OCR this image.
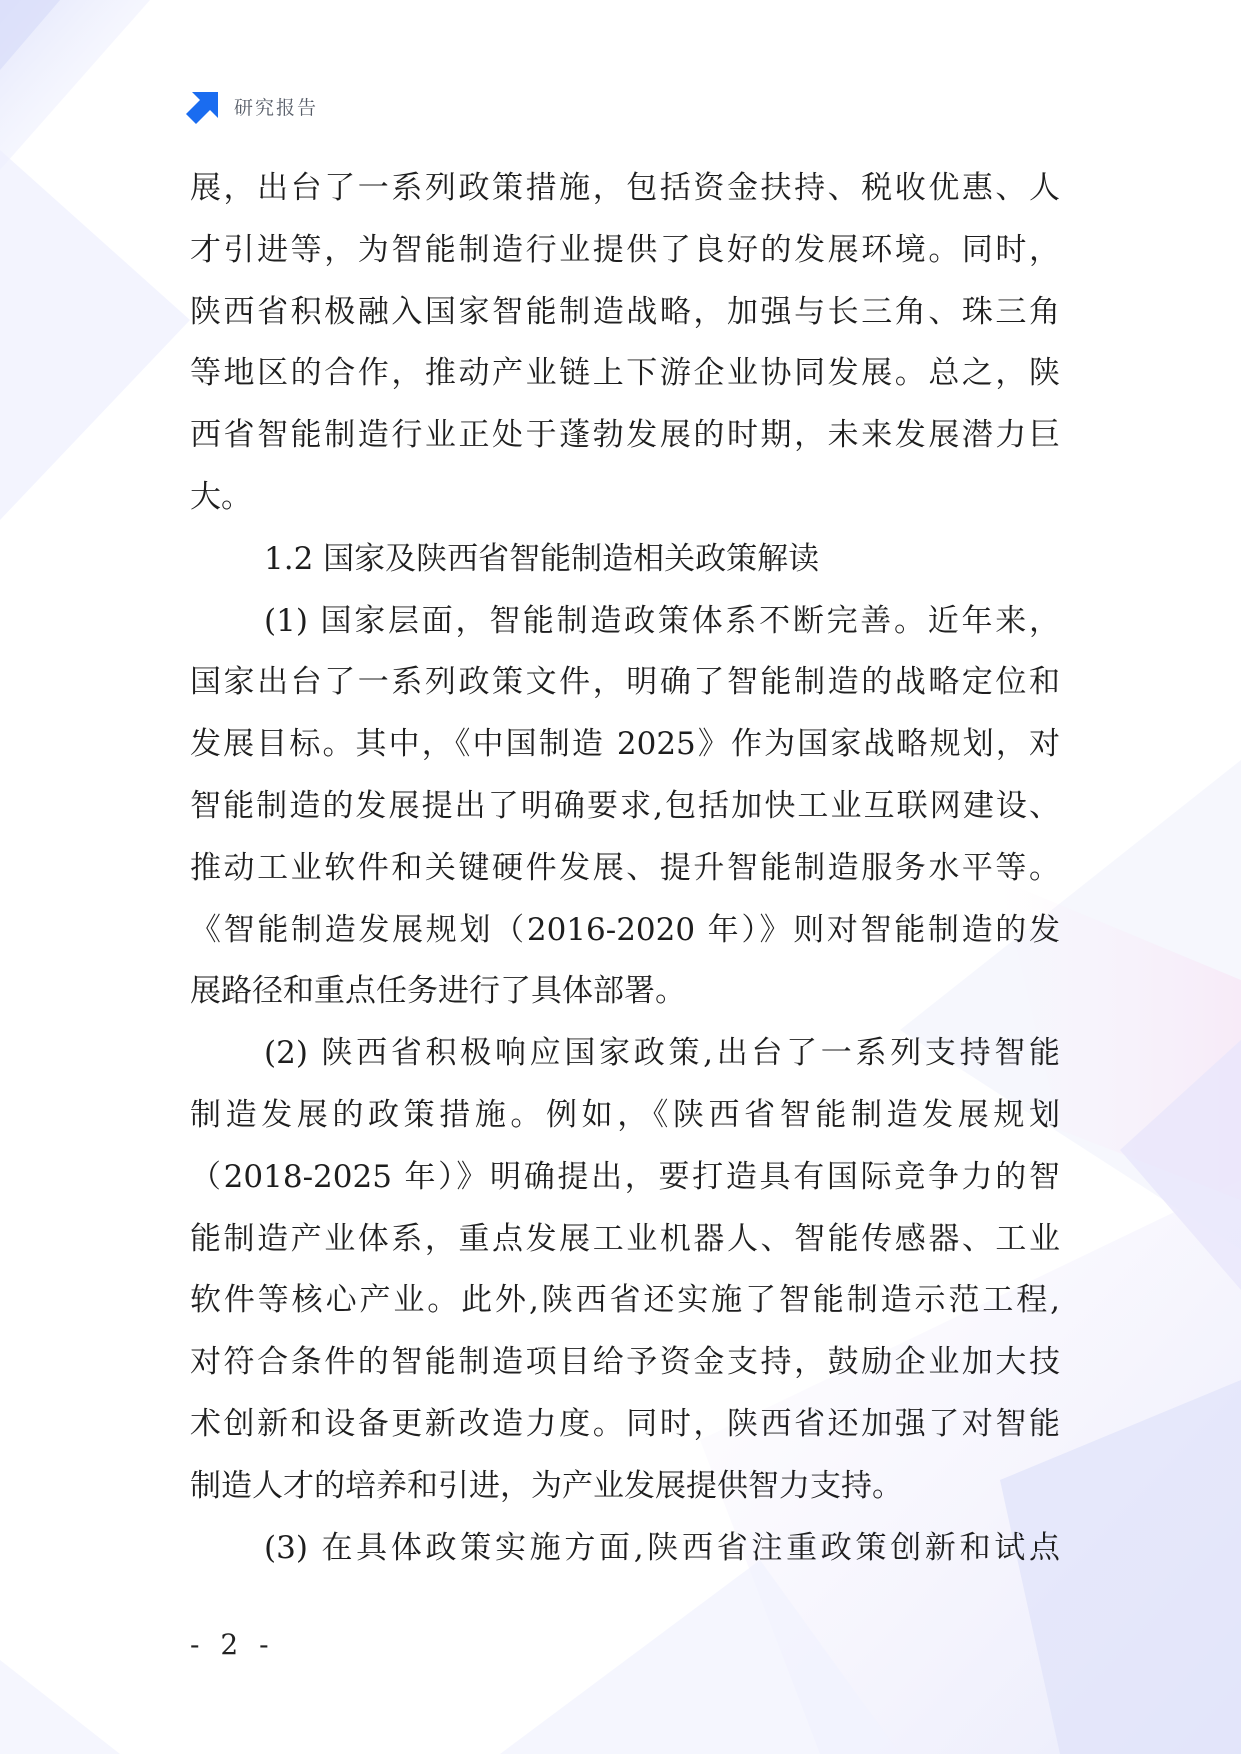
研究报告
展，出台了一系列政策措施，包括资金扶持、税收优惠、人
才引进等，为智能制造行业提供了良好的发展环境。同时，
陕西省积极融入国家智能制造战略，加强与长三角、珠三角
等地区的合作，推动产业链上下游企业协同发展。总之，陕
西省智能制造行业正处于蓬勃发展的时期，未来发展潜力巨
大。
1.2 国家及陕西省智能制造相关政策解读
(1) 国家层面，智能制造政策体系不断完善。近年来，
国家出台了一系列政策文件，明确了智能制造的战略定位和
发展目标。其中，《中国制造 2025》作为国家战略规划，对
智能制造的发展提出了明确要求,包括加快工业互联网建设、
推动工业软件和关键硬件发展、提升智能制造服务水平等。
《智能制造发展规划（2016-2020 年）》则对智能制造的发
展路径和重点任务进行了具体部署。
(2) 陕西省积极响应国家政策,出台了一系列支持智能
制造发展的政策措施。例如，《陕西省智能制造发展规划
（2018-2025 年）》明确提出，要打造具有国际竞争力的智
能制造产业体系，重点发展工业机器人、智能传感器、工业
软件等核心产业。此外,陕西省还实施了智能制造示范工程,
对符合条件的智能制造项目给予资金支持，鼓励企业加大技
术创新和设备更新改造力度。同时，陕西省还加强了对智能
制造人才的培养和引进，为产业发展提供智力支持。
(3) 在具体政策实施方面,陕西省注重政策创新和试点
- 2 -
